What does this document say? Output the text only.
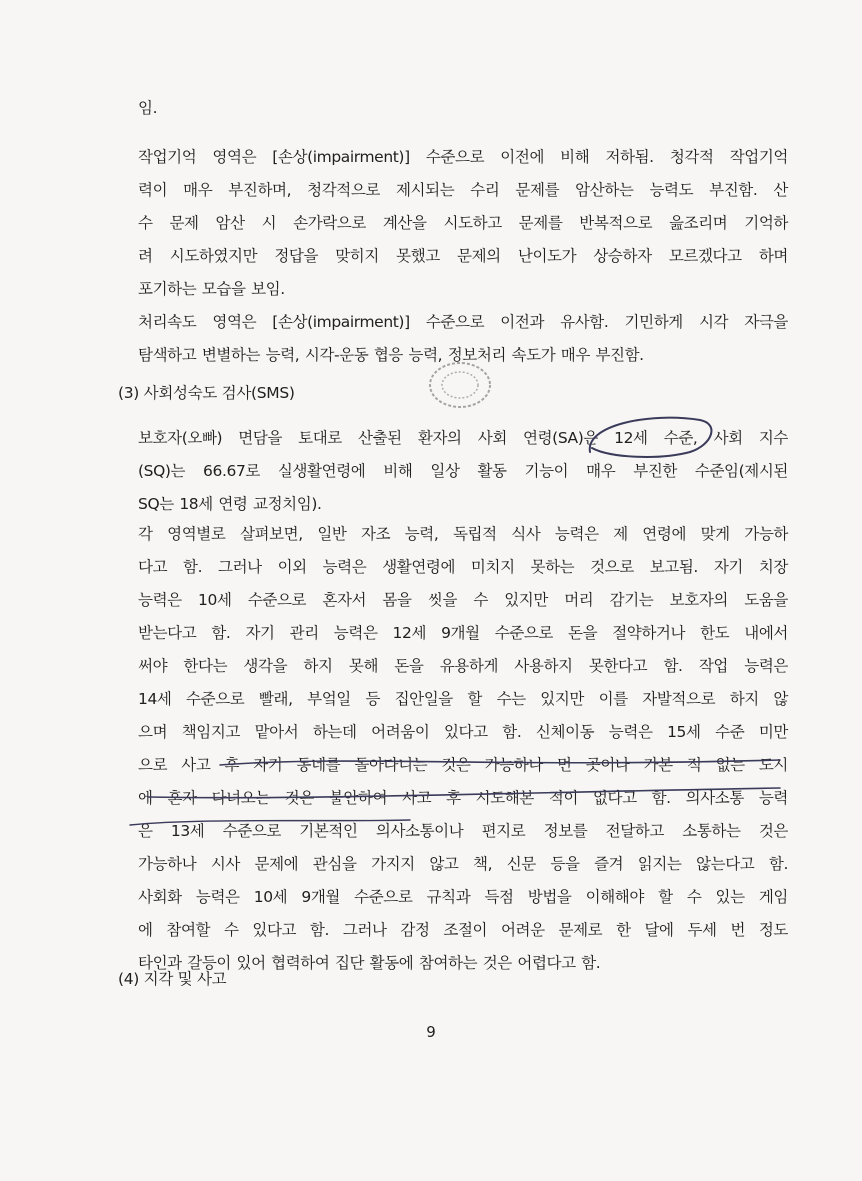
임.
작업기억 영역은 [손상(impairment)] 수준으로 이전에 비해 저하됨. 청각적 작업기억
력이 매우 부진하며, 청각적으로 제시되는 수리 문제를 암산하는 능력도 부진함. 산
수 문제 암산 시 손가락으로 계산을 시도하고 문제를 반복적으로 읊조리며 기억하
려 시도하였지만 정답을 맞히지 못했고 문제의 난이도가 상승하자 모르겠다고 하며
포기하는 모습을 보임.
처리속도 영역은 [손상(impairment)] 수준으로 이전과 유사함. 기민하게 시각 자극을
탐색하고 변별하는 능력, 시각-운동 협응 능력, 정보처리 속도가 매우 부진함.
(3) 사회성숙도 검사(SMS)
보호자(오빠) 면담을 토대로 산출된 환자의 사회 연령(SA)은 12세 수준, 사회 지수
(SQ)는 66.67로 실생활연령에 비해 일상 활동 기능이 매우 부진한 수준임(제시된
SQ는 18세 연령 교정치임).
각 영역별로 살펴보면, 일반 자조 능력, 독립적 식사 능력은 제 연령에 맞게 가능하
다고 함. 그러나 이외 능력은 생활연령에 미치지 못하는 것으로 보고됨. 자기 치장
능력은 10세 수준으로 혼자서 몸을 씻을 수 있지만 머리 감기는 보호자의 도움을
받는다고 함. 자기 관리 능력은 12세 9개월 수준으로 돈을 절약하거나 한도 내에서
써야 한다는 생각을 하지 못해 돈을 유용하게 사용하지 못한다고 함. 작업 능력은
14세 수준으로 빨래, 부엌일 등 집안일을 할 수는 있지만 이를 자발적으로 하지 않
으며 책임지고 맡아서 하는데 어려움이 있다고 함. 신체이동 능력은 15세 수준 미만
으로 사고 후 자기 동네를 돌아다니는 것은 가능하나 먼 곳이나 가본 적 없는 도시
에 혼자 다녀오는 것은 불안하여 사고 후 시도해본 적이 없다고 함. 의사소통 능력
은 13세 수준으로 기본적인 의사소통이나 편지로 정보를 전달하고 소통하는 것은
가능하나 시사 문제에 관심을 가지지 않고 책, 신문 등을 즐겨 읽지는 않는다고 함.
사회화 능력은 10세 9개월 수준으로 규칙과 득점 방법을 이해해야 할 수 있는 게임
에 참여할 수 있다고 함. 그러나 감정 조절이 어려운 문제로 한 달에 두세 번 정도
타인과 갈등이 있어 협력하여 집단 활동에 참여하는 것은 어렵다고 함.
(4) 지각 및 사고
9
